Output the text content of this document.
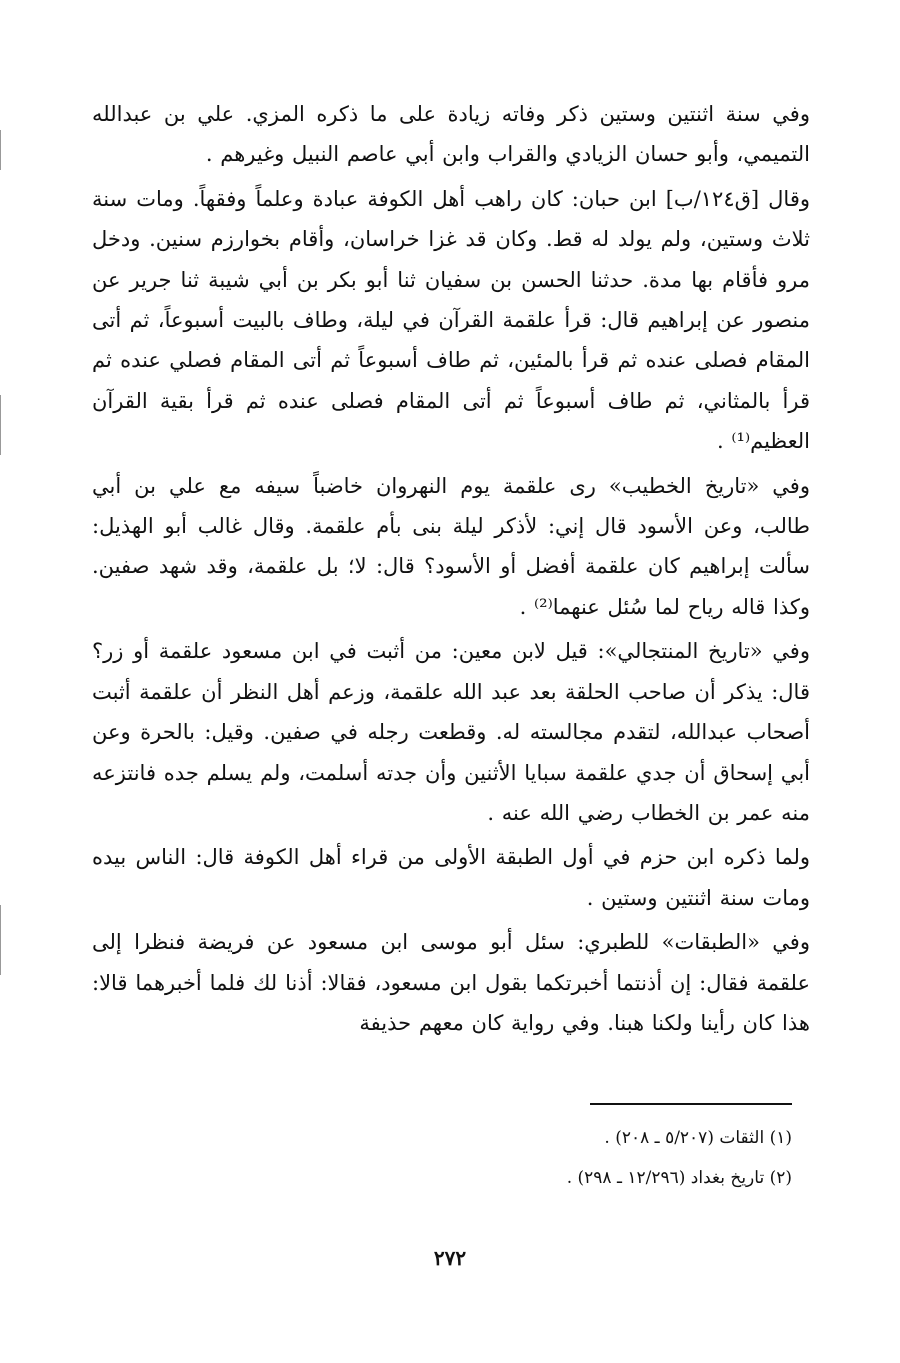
وفي سنة اثنتين وستين ذكر وفاته زيادة على ما ذكره المزي. علي بن عبدالله التميمي، وأبو حسان الزيادي والقراب وابن أبي عاصم النبيل وغيرهم .

وقال [ق١٢٤/ب] ابن حبان: كان راهب أهل الكوفة عبادة وعلماً وفقهاً. ومات سنة ثلاث وستين، ولم يولد له قط. وكان قد غزا خراسان، وأقام بخوارزم سنين. ودخل مرو فأقام بها مدة. حدثنا الحسن بن سفيان ثنا أبو بكر بن أبي شيبة ثنا جرير عن منصور عن إبراهيم قال: قرأ علقمة القرآن في ليلة، وطاف بالبيت أسبوعاً، ثم أتى المقام فصلى عنده ثم قرأ بالمئين، ثم طاف أسبوعاً ثم أتى المقام فصلي عنده ثم قرأ بالمثاني، ثم طاف أسبوعاً ثم أتى المقام فصلى عنده ثم قرأ بقية القرآن العظيم⁽¹⁾ .

وفي «تاريخ الخطيب» رى علقمة يوم النهروان خاضباً سيفه مع علي بن أبي طالب، وعن الأسود قال إني: لأذكر ليلة بنى بأم علقمة. وقال غالب أبو الهذيل: سألت إبراهيم كان علقمة أفضل أو الأسود؟ قال: لا؛ بل علقمة، وقد شهد صفين. وكذا قاله رياح لما سُئل عنهما⁽²⁾ .

وفي «تاريخ المنتجالي»: قيل لابن معين: من أثبت في ابن مسعود علقمة أو زر؟ قال: يذكر أن صاحب الحلقة بعد عبد الله علقمة، وزعم أهل النظر أن علقمة أثبت أصحاب عبدالله، لتقدم مجالسته له. وقطعت رجله في صفين. وقيل: بالحرة وعن أبي إسحاق أن جدي علقمة سبايا الأثنين وأن جدته أسلمت، ولم يسلم جده فانتزعه منه عمر بن الخطاب رضي الله عنه .

ولما ذكره ابن حزم في أول الطبقة الأولى من قراء أهل الكوفة قال: الناس بيده ومات سنة اثنتين وستين .

وفي «الطبقات» للطبري: سئل أبو موسى ابن مسعود عن فريضة فنظرا إلى علقمة فقال: إن أذنتما أخبرتكما بقول ابن مسعود، فقالا: أذنا لك فلما أخبرهما قالا: هذا كان رأينا ولكنا هبنا. وفي رواية كان معهم حذيفة

(١) الثقات (٥/٢٠٧ ـ ٢٠٨) .

(٢) تاريخ بغداد (١٢/٢٩٦ ـ ٢٩٨) .

٢٧٢
